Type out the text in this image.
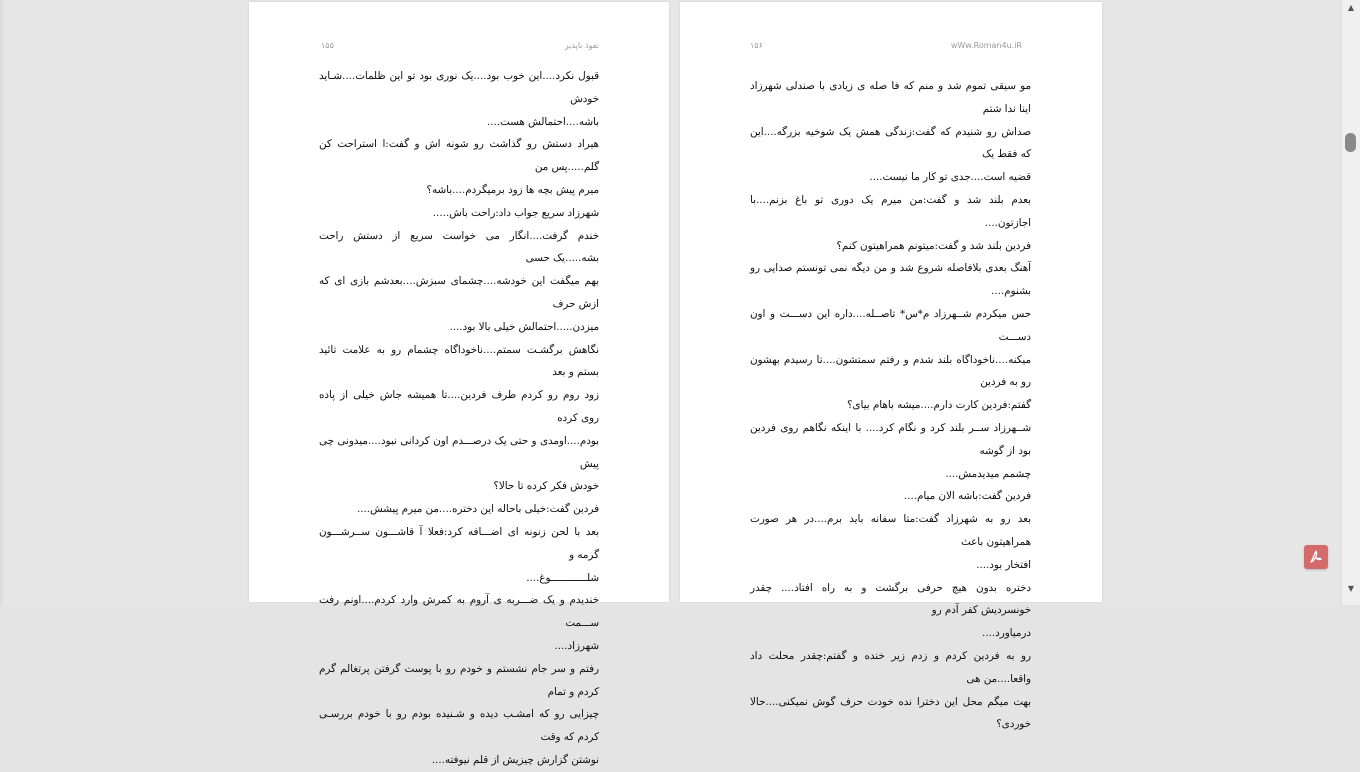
۱۵۵	نفوذ ناپذیر

قبول نکرد....این خوب بود....یک نوری بود تو این ظلمات....شـاید خودش

باشه....احتمالش هست....

هیراد دستش رو گذاشت رو شونه اش و گفت:ا استراحت کن گلم.....پس من

میرم پیش بچه ها زود برمیگردم....باشه؟

شهرزاد سریع جواب داد:راحت باش.....

خندم گرفت....انگار می خواست سریع از دستش راحت بشه.....یک حسی

بهم میگفت این خودشه....چشمای سبزش....بعدشم بازی ای که ازش حرف

میزدن.....احتمالش خیلی بالا بود....

نگاهش برگشـت سمتم....ناخوداگاه چشمام رو به علامت تائید بستم و بعد

زود روم رو کردم طرف فردین....تا همیشه جاش خیلی از پاده روی کرده

بودم....اومدی و حتی یک درصـــدم اون کردانی نبود....میدونی چی پیش

خودش فکر کرده تا حالا؟

فردین گفت:خیلی باحاله این دختره....من میرم پیشش....

بعد با لحن زنونه ای اضـــافه کرد:فعلا آ قاشـــون ســرشـــون گرمه و

شلــــــــــــوغ....

خندیدم و یک ضـــربه ی آروم به کمرش وارد کردم....اونم رفت ســـمت

شهرزاد....

رفتم و سر جام نشستم و خودم رو با پوست گرفتن پرتغالم گرم کردم و تمام

چیزایی رو که امشـب دیده و شـنیده بودم رو با خودم بررسـی کردم که وقت

نوشتن گزارش چیزیش از قلم نیوفته....

۱۵۶	wWw.Roman4u.iR

مو سیقی تموم شد و منم که فا صله ی زیادی با صندلی شهرزاد اینا ندا شتم

صداش رو شنیدم که گفت:زندگی همش یک شوخیه بزرگه....این که فقط یک

قضیه است....جدی تو کار ما نیست....

بعدم بلند شد و گفت:من میرم یک دوری تو باغ بزنم....با اجازتون....

فردین بلند شد و گفت:میتونم همراهیتون کنم؟

آهنگ بعدی بلافاصله شروع شد و من دیگه نمی تونستم صدایی رو بشنوم....

حس میکردم شــهرزاد م*س* تاصــله....داره این دســـت و اون دســـت

میکنه....ناخوداگاه بلند شدم و رفتم سمتشون....تا رسیدم بهشون رو به فردین

گفتم:فردین کارت دارم....میشه باهام بیای؟

شــهرزاد ســر بلند کرد و نگام کرد.... با اینکه نگاهم روی فردین بود از گوشه

چشمم میدیدمش....

فردین گفت:باشه الان میام....

بعد رو به شهرزاد گفت:متا سفانه باید برم....در هر صورت همراهیتون باعث

افتخار بود....

دختره بدون هیچ حرفی برگشت و به راه افتاد.... چقدر خونسردیش کفر آدم رو

درمیاورد....

رو به فردین کردم و زدم زیر خنده و گفتم:چقدر محلت داد واقعا....من هی

بهت میگم محل این دخترا نده خودت حرف گوش نمیکنی....حالا خوردی؟

▲
▼
